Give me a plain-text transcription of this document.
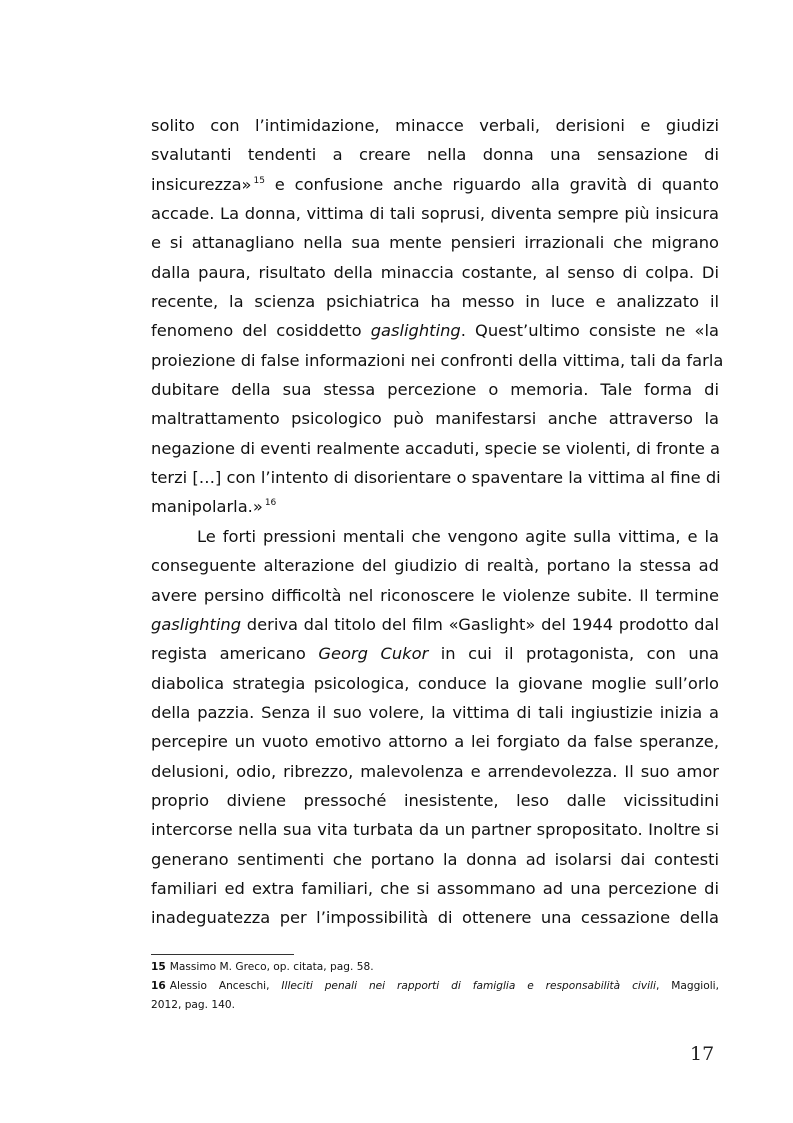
solito con l’intimidazione, minacce verbali, derisioni e giudizi
svalutanti tendenti a creare nella donna una sensazione di
insicurezza» $^{15}$ e confusione anche riguardo alla gravità di quanto
accade. La donna, vittima di tali soprusi, diventa sempre più insicura
e si attanagliano nella sua mente pensieri irrazionali che migrano
dalla paura, risultato della minaccia costante, al senso di colpa. Di
recente, la scienza psichiatrica ha messo in luce e analizzato il
fenomeno del cosiddetto gaslighting. Quest’ultimo consiste ne «la
proiezione di false informazioni nei confronti della vittima, tali da farla
dubitare della sua stessa percezione o memoria. Tale forma di
maltrattamento psicologico può manifestarsi anche attraverso la
negazione di eventi realmente accaduti, specie se violenti, di fronte a
terzi […] con l’intento di disorientare o spaventare la vittima al fine di
manipolarla.» $^{16}$
Le forti pressioni mentali che vengono agite sulla vittima, e la
conseguente alterazione del giudizio di realtà, portano la stessa ad
avere persino difficoltà nel riconoscere le violenze subite. Il termine
gaslighting deriva dal titolo del film «Gaslight» del 1944 prodotto dal
regista americano Georg Cukor in cui il protagonista, con una
diabolica strategia psicologica, conduce la giovane moglie sull’orlo
della pazzia. Senza il suo volere, la vittima di tali ingiustizie inizia a
percepire un vuoto emotivo attorno a lei forgiato da false speranze,
delusioni, odio, ribrezzo, malevolenza e arrendevolezza. Il suo amor
proprio diviene pressoché inesistente, leso dalle vicissitudini
intercorse nella sua vita turbata da un partner spropositato. Inoltre si
generano sentimenti che portano la donna ad isolarsi dai contesti
familiari ed extra familiari, che si assommano ad una percezione di
inadeguatezza per l’impossibilità di ottenere una cessazione della
15 Massimo M. Greco, op. citata, pag. 58.
16 Alessio Anceschi, Illeciti penali nei rapporti di famiglia e responsabilità civili, Maggioli,
2012, pag. 140.
17
